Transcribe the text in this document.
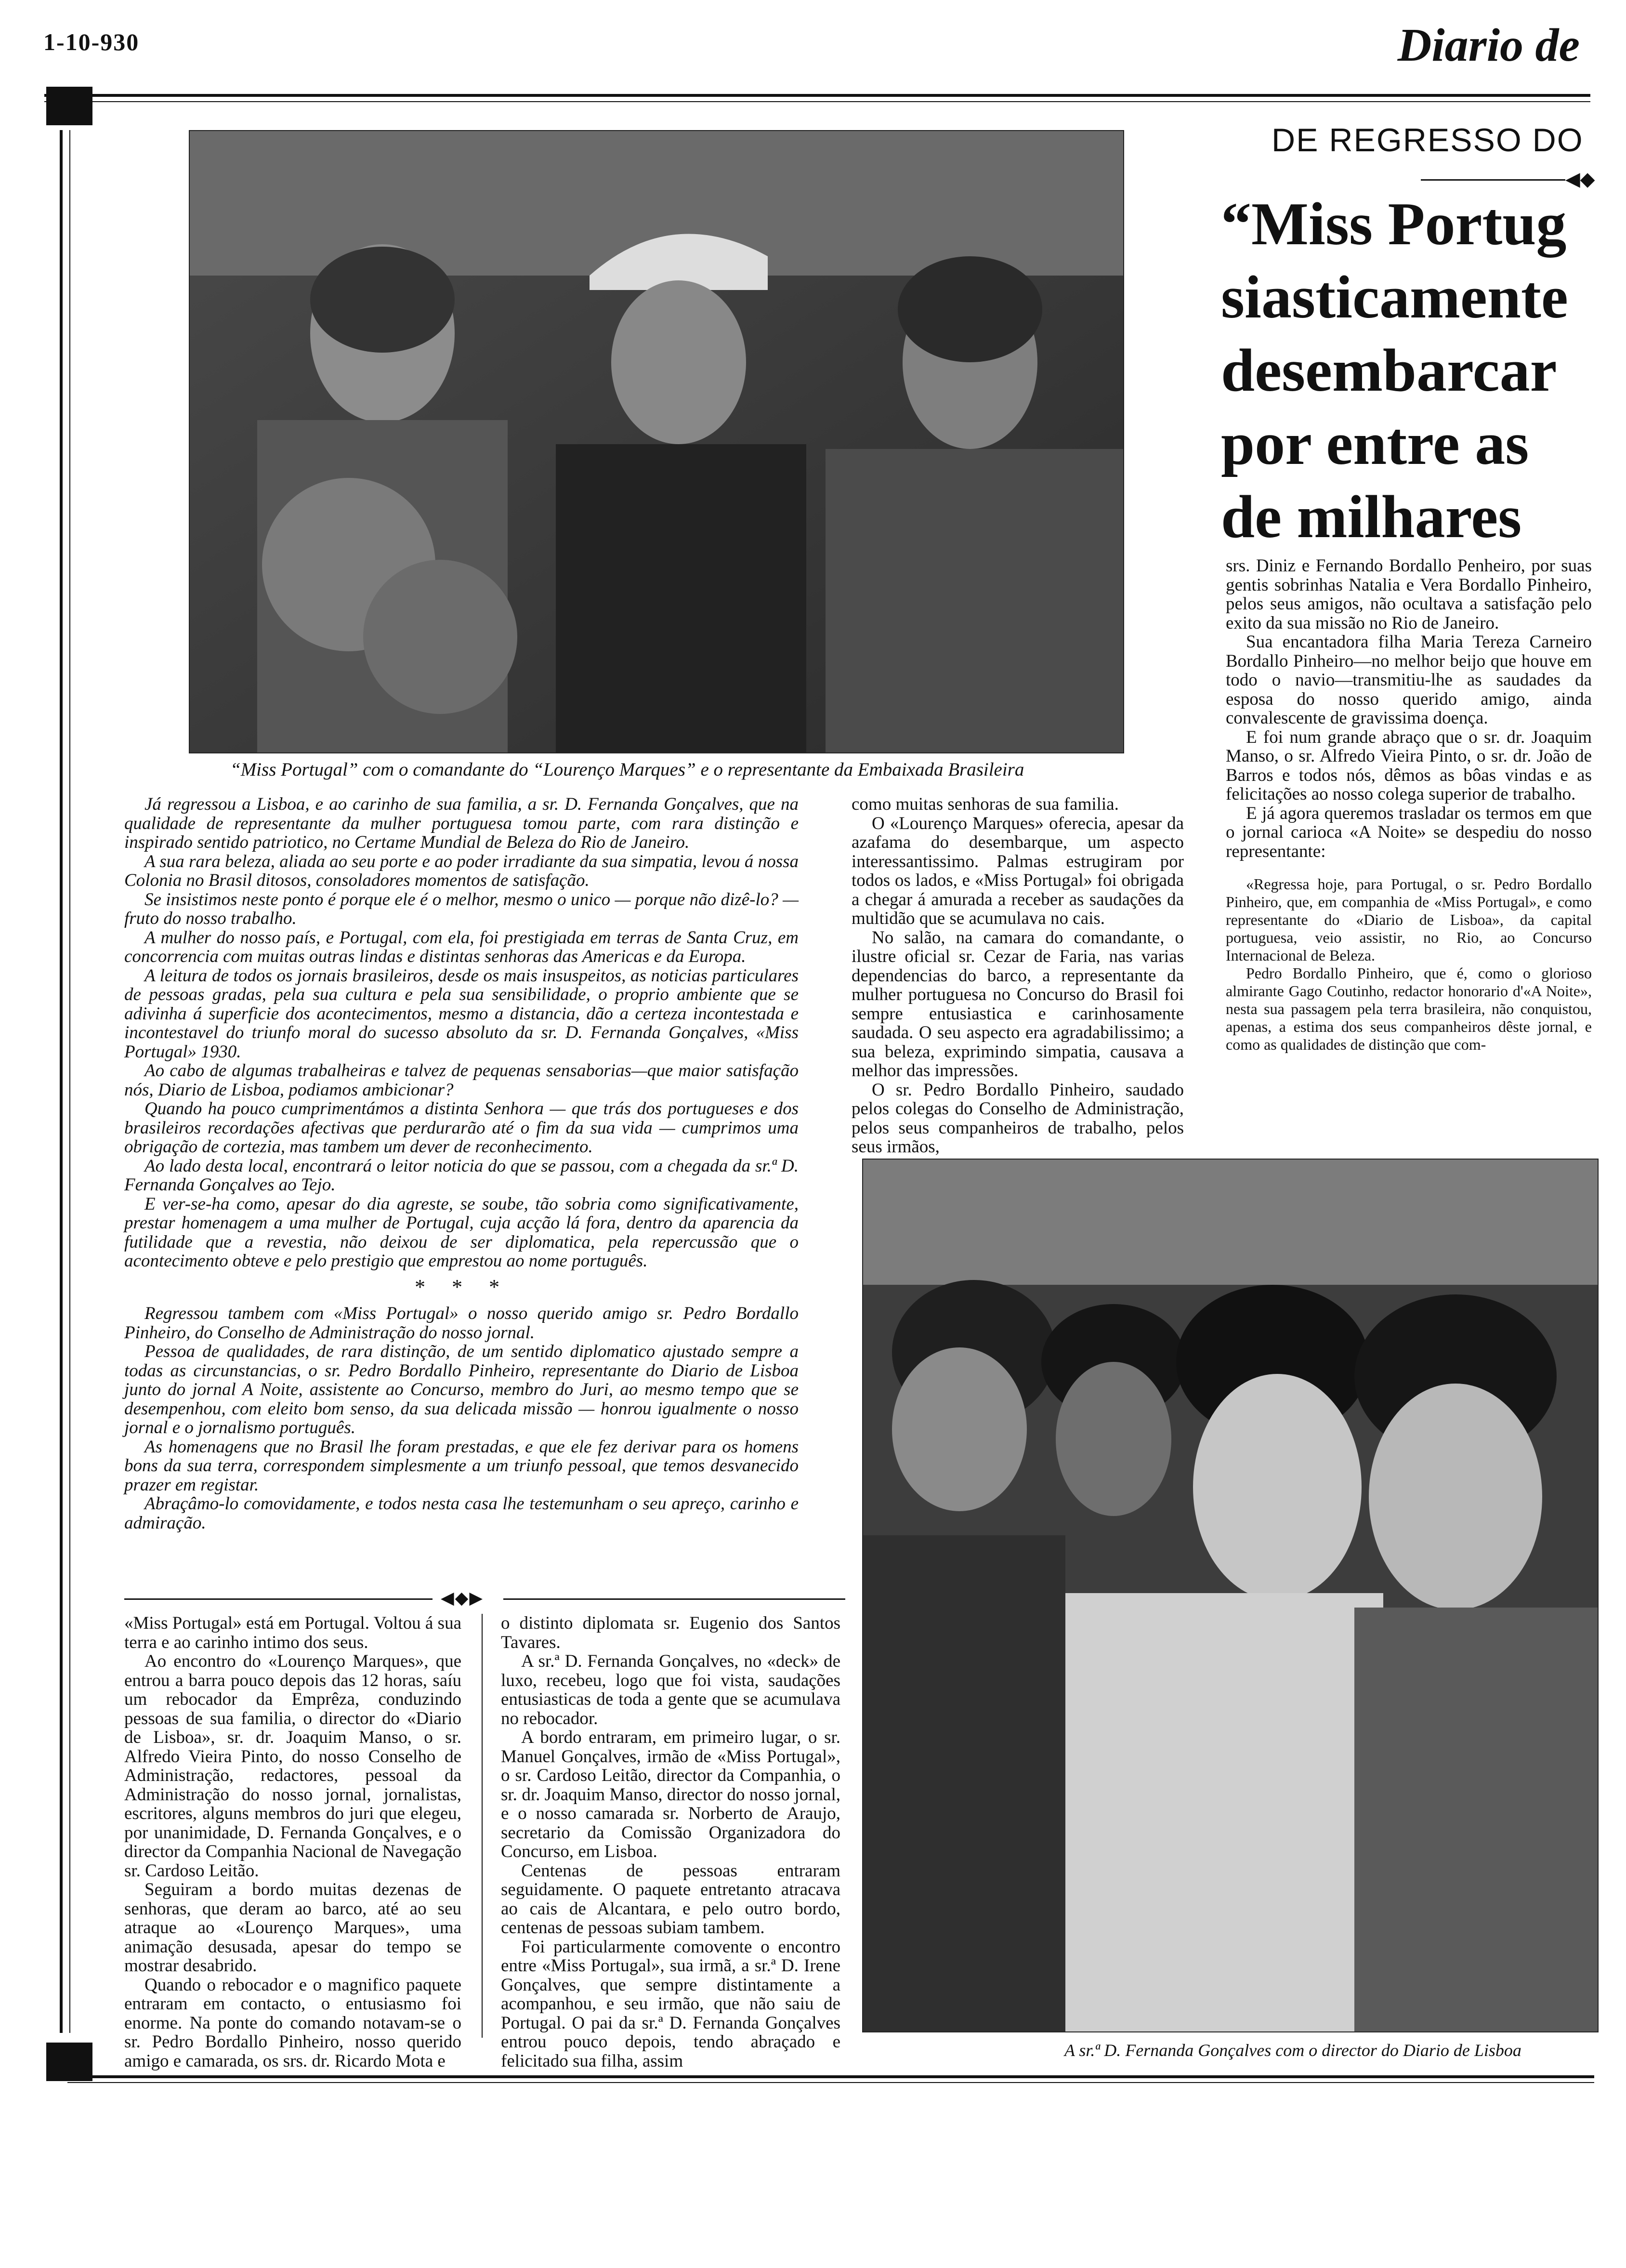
1-10-930	Diario de
“Miss Portugal” com o comandante do “Lourenço Marques” e o representante da Embaixada Brasileira
DE REGRESSO DO
◀◆
“Miss Portug
siasticamente
desembarcar
por entre as
de milhares

srs. Diniz e Fernando Bordallo Penheiro, por suas gentis sobrinhas Natalia e Vera Bordallo Pinheiro, pelos seus amigos, não ocultava a satisfação pelo exito da sua missão no Rio de Janeiro.

Sua encantadora filha Maria Tereza Carneiro Bordallo Pinheiro—no melhor beijo que houve em todo o navio—transmitiu-lhe as saudades da esposa do nosso querido amigo, ainda convalescente de gravissima doença.

E foi num grande abraço que o sr. dr. Joaquim Manso, o sr. Alfredo Vieira Pinto, o sr. dr. João de Barros e todos nós, dêmos as bôas vindas e as felicitações ao nosso colega superior de trabalho.

E já agora queremos trasladar os termos em que o jornal carioca «A Noite» se despediu do nosso representante:

«Regressa hoje, para Portugal, o sr. Pedro Bordallo Pinheiro, que, em companhia de «Miss Portugal», e como representante do «Diario de Lisboa», da capital portuguesa, veio assistir, no Rio, ao Concurso Internacional de Beleza.

Pedro Bordallo Pinheiro, que é, como o glorioso almirante Gago Coutinho, redactor honorario d'«A Noite», nesta sua passagem pela terra brasileira, não conquistou, apenas, a estima dos seus companheiros dêste jornal, e como as qualidades de distinção que com-

Já regressou a Lisboa, e ao carinho de sua familia, a sr. D. Fernanda Gonçalves, que na qualidade de representante da mulher portuguesa tomou parte, com rara distinção e inspirado sentido patriotico, no Certame Mundial de Beleza do Rio de Janeiro.

A sua rara beleza, aliada ao seu porte e ao poder irradiante da sua simpatia, levou á nossa Colonia no Brasil ditosos, consoladores momentos de satisfação.

Se insistimos neste ponto é porque ele é o melhor, mesmo o unico — porque não dizê-lo? — fruto do nosso trabalho.

A mulher do nosso país, e Portugal, com ela, foi prestigiada em terras de Santa Cruz, em concorrencia com muitas outras lindas e distintas senhoras das Americas e da Europa.

A leitura de todos os jornais brasileiros, desde os mais insuspeitos, as noticias particulares de pessoas gradas, pela sua cultura e pela sua sensibilidade, o proprio ambiente que se adivinha á superficie dos acontecimentos, mesmo a distancia, dão a certeza incontestada e incontestavel do triunfo moral do sucesso absoluto da sr. D. Fernanda Gonçalves, «Miss Portugal» 1930.

Ao cabo de algumas trabalheiras e talvez de pequenas sensaborias—que maior satisfação nós, Diario de Lisboa, podiamos ambicionar?

Quando ha pouco cumprimentámos a distinta Senhora — que trás dos portugueses e dos brasileiros recordações afectivas que perdurarão até o fim da sua vida — cumprimos uma obrigação de cortezia, mas tambem um dever de reconhecimento.

Ao lado desta local, encontrará o leitor noticia do que se passou, com a chegada da sr.ª D. Fernanda Gonçalves ao Tejo.

E ver-se-ha como, apesar do dia agreste, se soube, tão sobria como significativamente, prestar homenagem a uma mulher de Portugal, cuja acção lá fora, dentro da aparencia da futilidade que a revestia, não deixou de ser diplomatica, pela repercussão que o acontecimento obteve e pelo prestigio que emprestou ao nome português.

* * *

Regressou tambem com «Miss Portugal» o nosso querido amigo sr. Pedro Bordallo Pinheiro, do Conselho de Administração do nosso jornal.

Pessoa de qualidades, de rara distinção, de um sentido diplomatico ajustado sempre a todas as circunstancias, o sr. Pedro Bordallo Pinheiro, representante do Diario de Lisboa junto do jornal A Noite, assistente ao Concurso, membro do Juri, ao mesmo tempo que se desempenhou, com eleito bom senso, da sua delicada missão — honrou igualmente o nosso jornal e o jornalismo português.

As homenagens que no Brasil lhe foram prestadas, e que ele fez derivar para os homens bons da sua terra, correspondem simplesmente a um triunfo pessoal, que temos desvanecido prazer em registar.

Abraçâmo-lo comovidamente, e todos nesta casa lhe testemunham o seu apreço, carinho e admiração.

como muitas senhoras de sua familia.

O «Lourenço Marques» oferecia, apesar da azafama do desembarque, um aspecto interessantissimo. Palmas estrugiram por todos os lados, e «Miss Portugal» foi obrigada a chegar á amurada a receber as saudações da multidão que se acumulava no cais.

No salão, na camara do comandante, o ilustre oficial sr. Cezar de Faria, nas varias dependencias do barco, a representante da mulher portuguesa no Concurso do Brasil foi sempre entusiastica e carinhosamente saudada. O seu aspecto era agradabilissimo; a sua beleza, exprimindo simpatia, causava a melhor das impressões.

O sr. Pedro Bordallo Pinheiro, saudado pelos colegas do Conselho de Administração, pelos seus companheiros de trabalho, pelos seus irmãos,

◀◆▶

«Miss Portugal» está em Portugal. Voltou á sua terra e ao carinho intimo dos seus.

Ao encontro do «Lourenço Marques», que entrou a barra pouco depois das 12 horas, saíu um rebocador da Emprêza, conduzindo pessoas de sua familia, o director do «Diario de Lisboa», sr. dr. Joaquim Manso, o sr. Alfredo Vieira Pinto, do nosso Conselho de Administração, redactores, pessoal da Administração do nosso jornal, jornalistas, escritores, alguns membros do juri que elegeu, por unanimidade, D. Fernanda Gonçalves, e o director da Companhia Nacional de Navegação sr. Cardoso Leitão.

Seguiram a bordo muitas dezenas de senhoras, que deram ao barco, até ao seu atraque ao «Lourenço Marques», uma animação desusada, apesar do tempo se mostrar desabrido.

Quando o rebocador e o magnifico paquete entraram em contacto, o entusiasmo foi enorme. Na ponte do comando notavam-se o sr. Pedro Bordallo Pinheiro, nosso querido amigo e camarada, os srs. dr. Ricardo Mota e

o distinto diplomata sr. Eugenio dos Santos Tavares.

A sr.ª D. Fernanda Gonçalves, no «deck» de luxo, recebeu, logo que foi vista, saudações entusiasticas de toda a gente que se acumulava no rebocador.

A bordo entraram, em primeiro lugar, o sr. Manuel Gonçalves, irmão de «Miss Portugal», o sr. Cardoso Leitão, director da Companhia, o sr. dr. Joaquim Manso, director do nosso jornal, e o nosso camarada sr. Norberto de Araujo, secretario da Comissão Organizadora do Concurso, em Lisboa.

Centenas de pessoas entraram seguidamente. O paquete entretanto atracava ao cais de Alcantara, e pelo outro bordo, centenas de pessoas subiam tambem.

Foi particularmente comovente o encontro entre «Miss Portugal», sua irmã, a sr.ª D. Irene Gonçalves, que sempre distintamente a acompanhou, e seu irmão, que não saiu de Portugal. O pai da sr.ª D. Fernanda Gonçalves entrou pouco depois, tendo abraçado e felicitado sua filha, assim

A sr.ª D. Fernanda Gonçalves com o director do Diario de Lisboa
